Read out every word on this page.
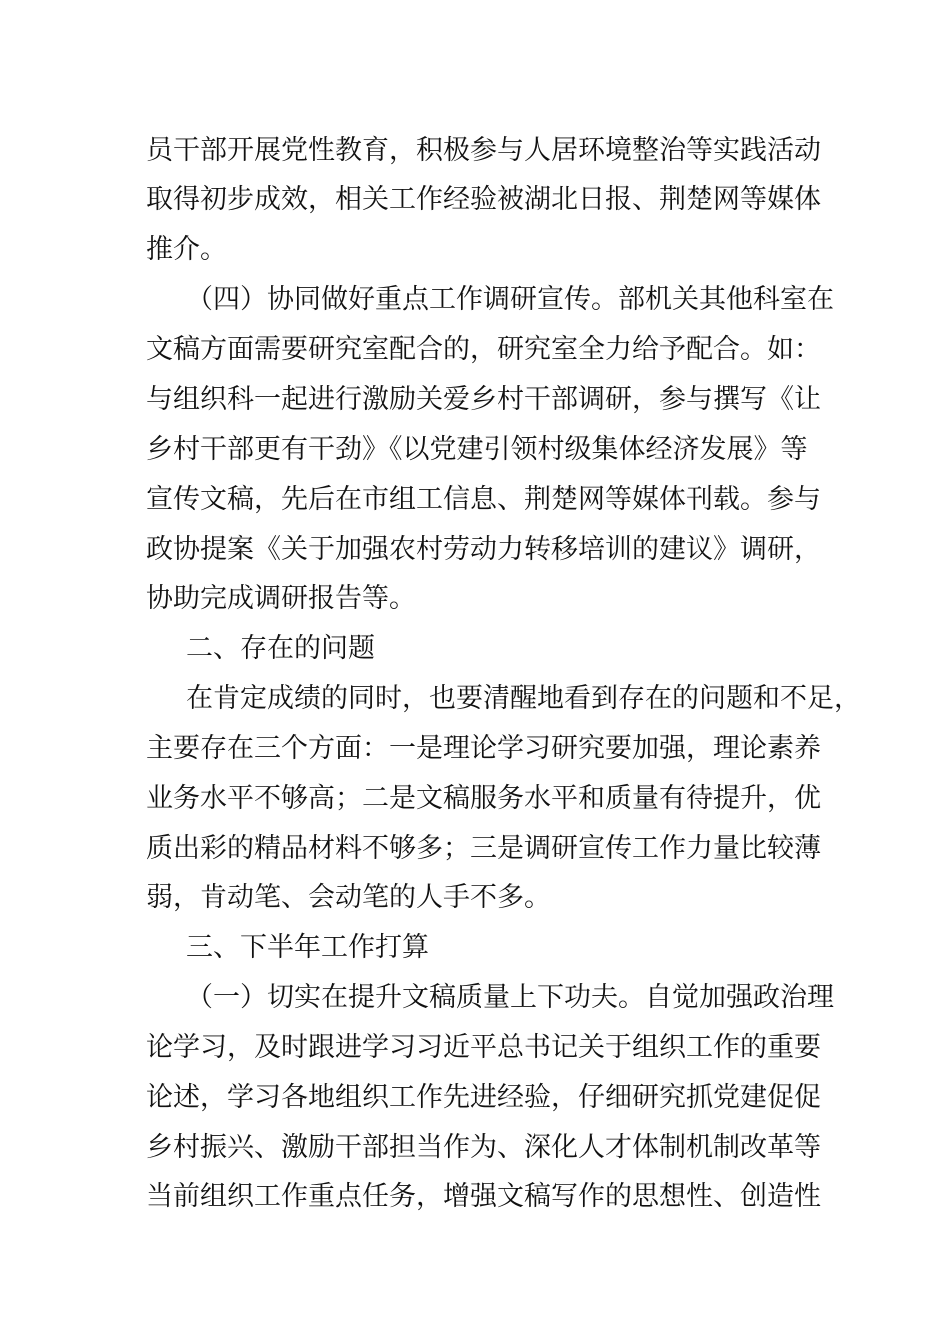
员干部开展党性教育，积极参与人居环境整治等实践活动
取得初步成效，相关工作经验被湖北日报、荆楚网等媒体
推介。
（四）协同做好重点工作调研宣传。部机关其他科室在
文稿方面需要研究室配合的，研究室全力给予配合。如：
与组织科一起进行激励关爱乡村干部调研，参与撰写《让
乡村干部更有干劲》《以党建引领村级集体经济发展》等
宣传文稿，先后在市组工信息、荆楚网等媒体刊载。参与
政协提案《关于加强农村劳动力转移培训的建议》调研，
协助完成调研报告等。
二、存在的问题
在肯定成绩的同时，也要清醒地看到存在的问题和不足，
主要存在三个方面：一是理论学习研究要加强，理论素养
业务水平不够高；二是文稿服务水平和质量有待提升，优
质出彩的精品材料不够多；三是调研宣传工作力量比较薄
弱，肯动笔、会动笔的人手不多。
三、下半年工作打算
（一）切实在提升文稿质量上下功夫。自觉加强政治理
论学习，及时跟进学习习近平总书记关于组织工作的重要
论述，学习各地组织工作先进经验，仔细研究抓党建促促
乡村振兴、激励干部担当作为、深化人才体制机制改革等
当前组织工作重点任务，增强文稿写作的思想性、创造性
